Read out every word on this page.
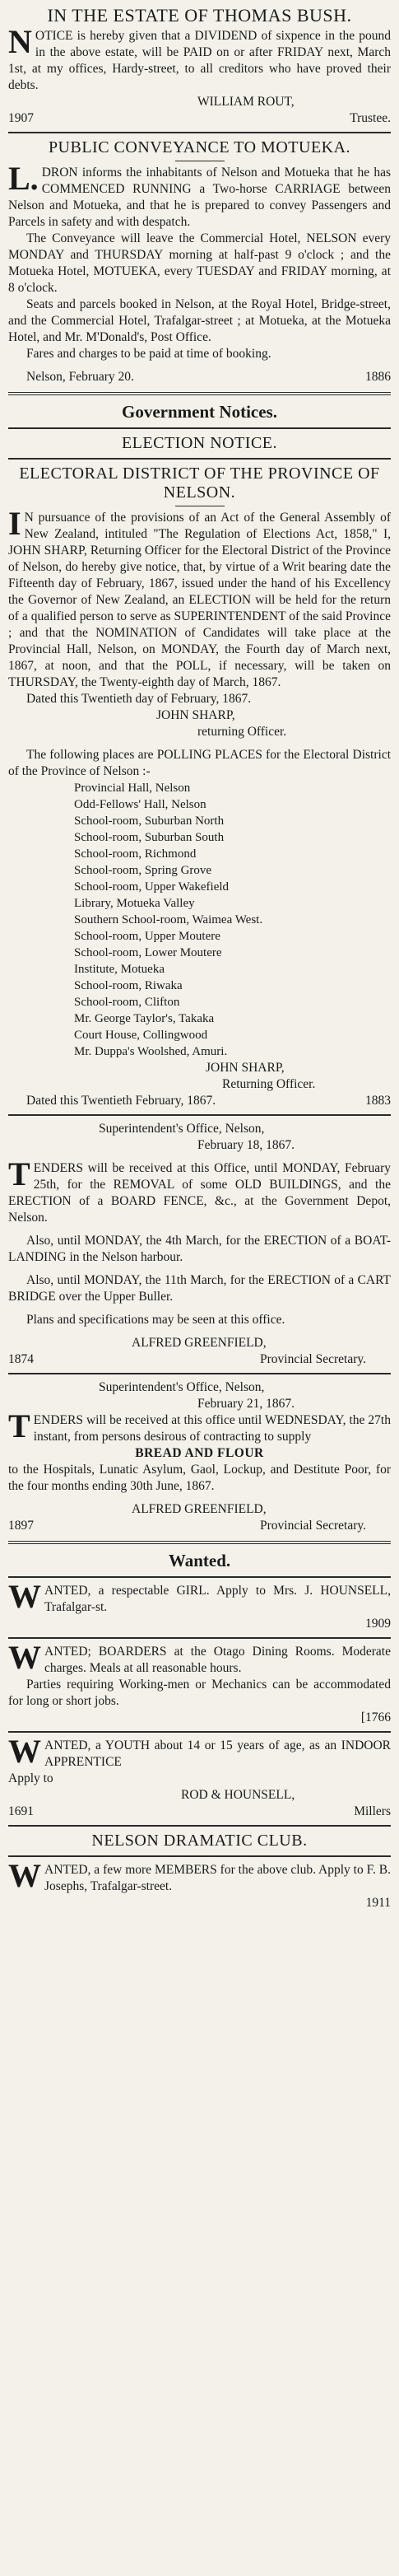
IN THE ESTATE OF THOMAS BUSH.

NOTICE is hereby given that a DIVIDEND of sixpence in the pound in the above estate, will be PAID on or after FRIDAY next, March 1st, at my offices, Hardy-street, to all creditors who have proved their debts.

WILLIAM ROUT,
1907	Trustee.
PUBLIC CONVEYANCE TO MOTUEKA.

L.DRON informs the inhabitants of Nelson and Motueka that he has COMMENCED RUNNING a Two-horse CARRIAGE between Nelson and Motueka, and that he is prepared to convey Passengers and Parcels in safety and with despatch.

The Conveyance will leave the Commercial Hotel, NELSON every MONDAY and THURSDAY morning at half-past 9 o'clock ; and the Motueka Hotel, MOTUEKA, every TUESDAY and FRIDAY morning, at 8 o'clock.

Seats and parcels booked in Nelson, at the Royal Hotel, Bridge-street, and the Commercial Hotel, Trafalgar-street ; at Motueka, at the Motueka Hotel, and Mr. M'Donald's, Post Office.

Fares and charges to be paid at time of booking.

Nelson, February 20.	1886
Government Notices.
ELECTION NOTICE.
ELECTORAL DISTRICT OF THE PROVINCE OF NELSON.

IN pursuance of the provisions of an Act of the General Assembly of New Zealand, intituled "The Regulation of Elections Act, 1858," I, JOHN SHARP, Returning Officer for the Electoral District of the Province of Nelson, do hereby give notice, that, by virtue of a Writ bearing date the Fifteenth day of February, 1867, issued under the hand of his Excellency the Governor of New Zealand, an ELECTION will be held for the return of a qualified person to serve as SUPERINTENDENT of the said Province ; and that the NOMINATION of Candidates will take place at the Provincial Hall, Nelson, on MONDAY, the Fourth day of March next, 1867, at noon, and that the POLL, if necessary, will be taken on THURSDAY, the Twenty-eighth day of March, 1867.

Dated this Twentieth day of February, 1867.

JOHN SHARP,
returning Officer.

The following places are POLLING PLACES for the Electoral District of the Province of Nelson :-

Provincial Hall, Nelson
Odd-Fellows' Hall, Nelson
School-room, Suburban North
School-room, Suburban South
School-room, Richmond
School-room, Spring Grove
School-room, Upper Wakefield
Library, Motueka Valley
Southern School-room, Waimea West.
School-room, Upper Moutere
School-room, Lower Moutere
Institute, Motueka
School-room, Riwaka
School-room, Clifton
Mr. George Taylor's, Takaka
Court House, Collingwood
Mr. Duppa's Woolshed, Amuri.
JOHN SHARP,
Returning Officer.
Dated this Twentieth February, 1867.	1883
Superintendent's Office, Nelson,
February 18, 1867.

TENDERS will be received at this Office, until MONDAY, February 25th, for the REMOVAL of some OLD BUILDINGS, and the ERECTION of a BOARD FENCE, &c., at the Government Depot, Nelson.

Also, until MONDAY, the 4th March, for the ERECTION of a BOAT-LANDING in the Nelson harbour.

Also, until MONDAY, the 11th March, for the ERECTION of a CART BRIDGE over the Upper Buller.

Plans and specifications may be seen at this office.

ALFRED GREENFIELD,
1874	Provincial Secretary.
Superintendent's Office, Nelson,
February 21, 1867.

TENDERS will be received at this office until WEDNESDAY, the 27th instant, from persons desirous of contracting to supply

BREAD AND FLOUR

to the Hospitals, Lunatic Asylum, Gaol, Lockup, and Destitute Poor, for the four months ending 30th June, 1867.

ALFRED GREENFIELD,
1897	Provincial Secretary.
Wanted.

WANTED, a respectable GIRL. Apply to Mrs. J. HOUNSELL, Trafalgar-st.

1909

WANTED; BOARDERS at the Otago Dining Rooms. Moderate charges. Meals at all reasonable hours.

Parties requiring Working-men or Mechanics can be accommodated for long or short jobs.

[1766

WANTED, a YOUTH about 14 or 15 years of age, as an INDOOR APPRENTICE

Apply to
ROD & HOUNSELL,
1691	Millers
NELSON DRAMATIC CLUB.

WANTED, a few more MEMBERS for the above club. Apply to F. B. Josephs, Trafalgar-street.

1911
